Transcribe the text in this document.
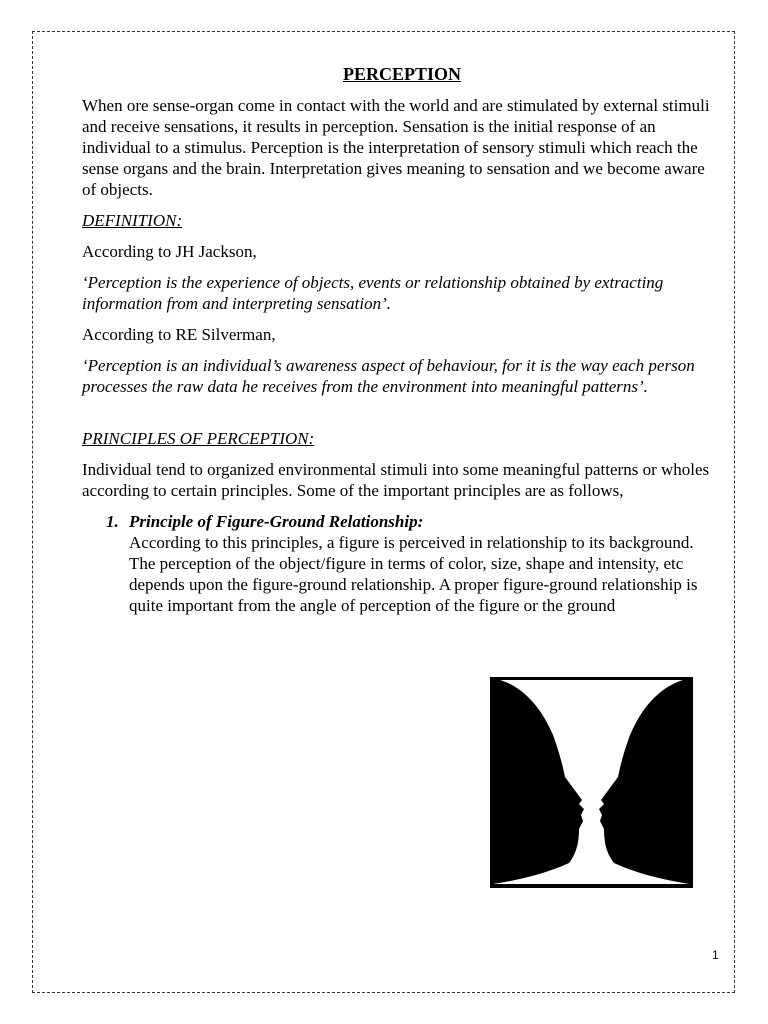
PERCEPTION

When ore sense-organ come in contact with the world and are stimulated by external stimuli and receive sensations, it results in perception. Sensation is the initial response of an individual to a stimulus. Perception is the interpretation of sensory stimuli which reach the sense organs and the brain. Interpretation gives meaning to sensation and we become aware of objects.

DEFINITION:

According to JH Jackson,

‘Perception is the experience of objects, events or relationship obtained by extracting information from and interpreting sensation’.

According to RE Silverman,

‘Perception is an individual’s awareness aspect of behaviour, for it is the way each person processes the raw data he receives from the environment into meaningful patterns’.

PRINCIPLES OF PERCEPTION:

Individual tend to organized environmental stimuli into some meaningful patterns or wholes according to certain principles. Some of the important principles are as follows,

1. Principle of Figure-Ground Relationship:
According to this principles, a figure is perceived in relationship to its background. The perception of the object/figure in terms of color, size, shape and intensity, etc depends upon the figure-ground relationship. A proper figure-ground relationship is quite important from the angle of perception of the figure or the ground
1
